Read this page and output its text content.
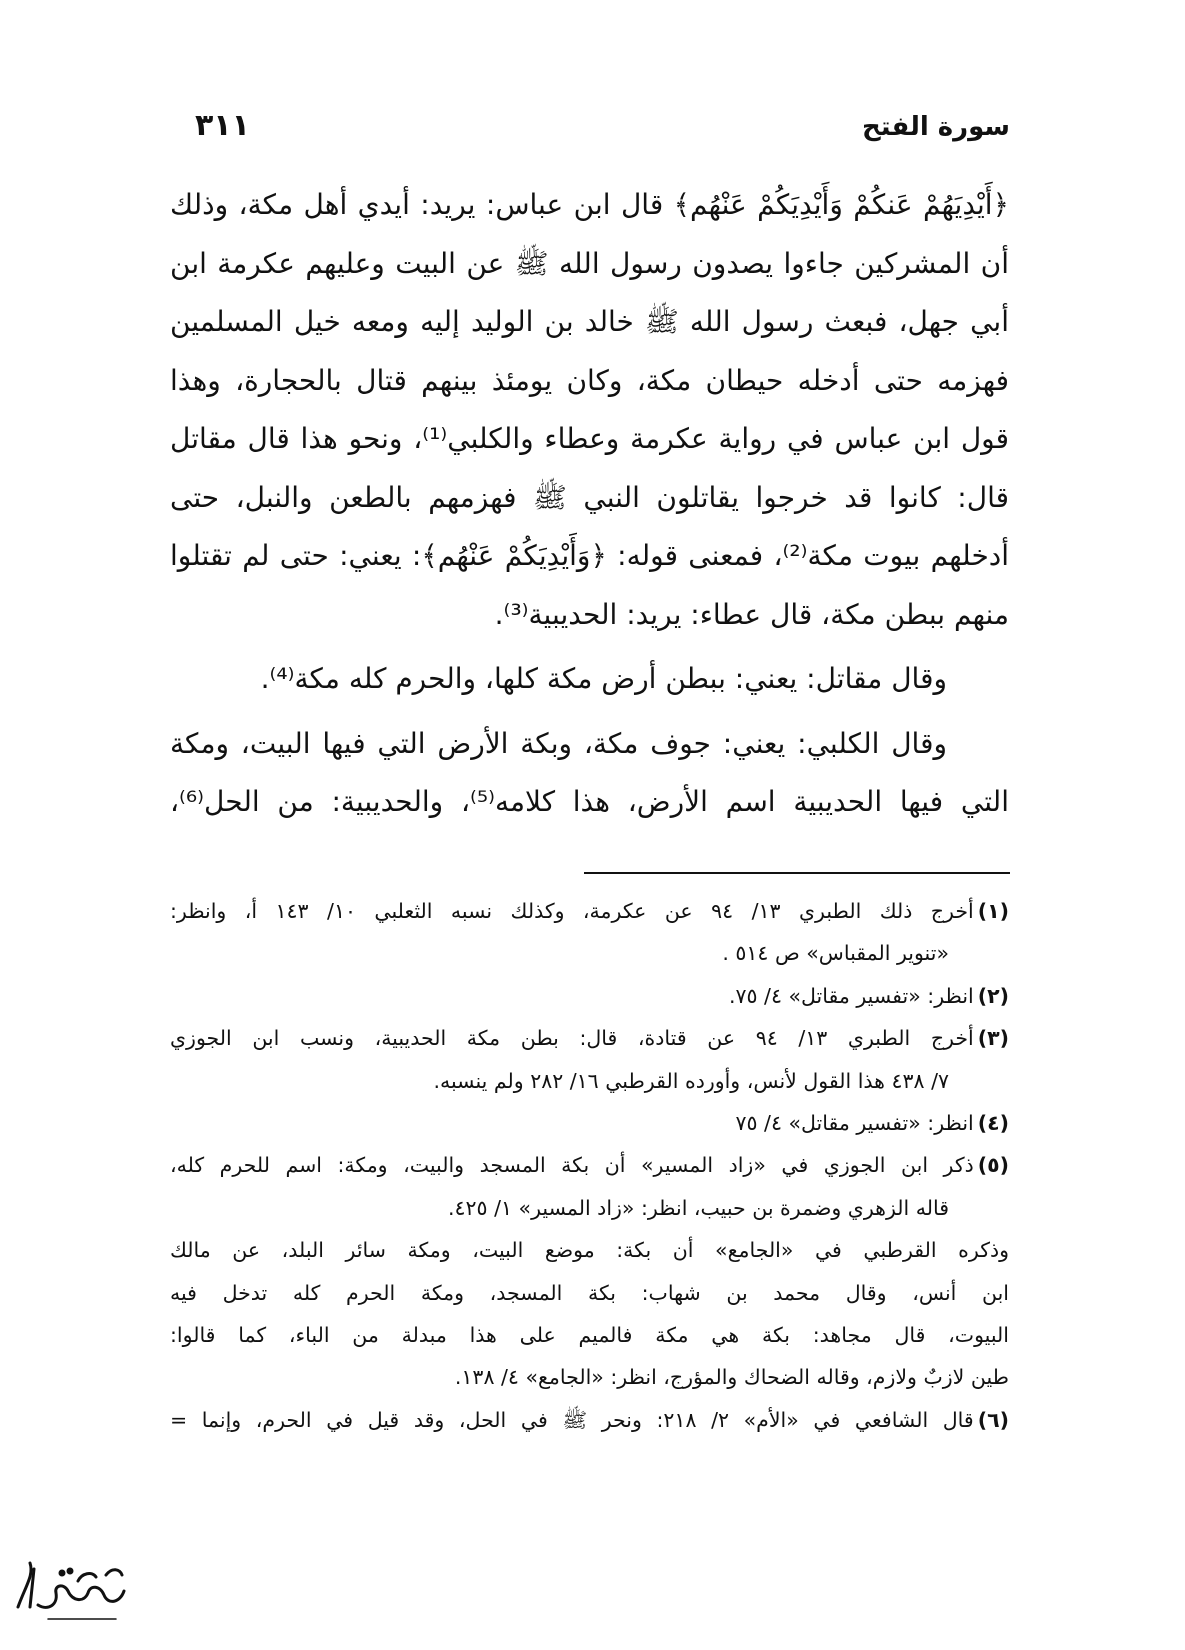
سورة الفتح
٣١١

﴿أَيْدِيَهُمْ عَنكُمْ وَأَيْدِيَكُمْ عَنْهُم﴾ قال ابن عباس: يريد: أيدي أهل مكة، وذلك

أن المشركين جاءوا يصدون رسول الله ﷺ عن البيت وعليهم عكرمة ابن

أبي جهل، فبعث رسول الله ﷺ خالد بن الوليد إليه ومعه خيل المسلمين

فهزمه حتى أدخله حيطان مكة، وكان يومئذ بينهم قتال بالحجارة، وهذا

قول ابن عباس في رواية عكرمة وعطاء والكلبي⁽¹⁾، ونحو هذا قال مقاتل

قال: كانوا قد خرجوا يقاتلون النبي ﷺ فهزمهم بالطعن والنبل، حتى

أدخلهم بيوت مكة⁽²⁾، فمعنى قوله: ﴿وَأَيْدِيَكُمْ عَنْهُم﴾: يعني: حتى لم تقتلوا

منهم ببطن مكة، قال عطاء: يريد: الحديبية⁽³⁾.

وقال مقاتل: يعني: ببطن أرض مكة كلها، والحرم كله مكة⁽⁴⁾.

وقال الكلبي: يعني: جوف مكة، وبكة الأرض التي فيها البيت، ومكة

التي فيها الحديبية اسم الأرض، هذا كلامه⁽⁵⁾، والحديبية: من الحل⁽⁶⁾،

(١)أخرج ذلك الطبري ١٣/ ٩٤ عن عكرمة، وكذلك نسبه الثعلبي ١٠/ ١٤٣ أ، وانظر:
«تنوير المقباس» ص ٥١٤ .
(٢)انظر: «تفسير مقاتل» ٤/ ٧٥.
(٣)أخرج الطبري ١٣/ ٩٤ عن قتادة، قال: بطن مكة الحديبية، ونسب ابن الجوزي
٧/ ٤٣٨ هذا القول لأنس، وأورده القرطبي ١٦/ ٢٨٢ ولم ينسبه.
(٤)انظر: «تفسير مقاتل» ٤/ ٧٥
(٥)ذكر ابن الجوزي في «زاد المسير» أن بكة المسجد والبيت، ومكة: اسم للحرم كله،
قاله الزهري وضمرة بن حبيب، انظر: «زاد المسير» ١/ ٤٢٥.
وذكره القرطبي في «الجامع» أن بكة: موضع البيت، ومكة سائر البلد، عن مالك
ابن أنس، وقال محمد بن شهاب: بكة المسجد، ومكة الحرم كله تدخل فيه
البيوت، قال مجاهد: بكة هي مكة فالميم على هذا مبدلة من الباء، كما قالوا:
طين لازبٌ ولازم، وقاله الضحاك والمؤرج، انظر: «الجامع» ٤/ ١٣٨.
(٦)قال الشافعي في «الأم» ٢/ ٢١٨: ونحر ﷺ في الحل، وقد قيل في الحرم، وإنما =
